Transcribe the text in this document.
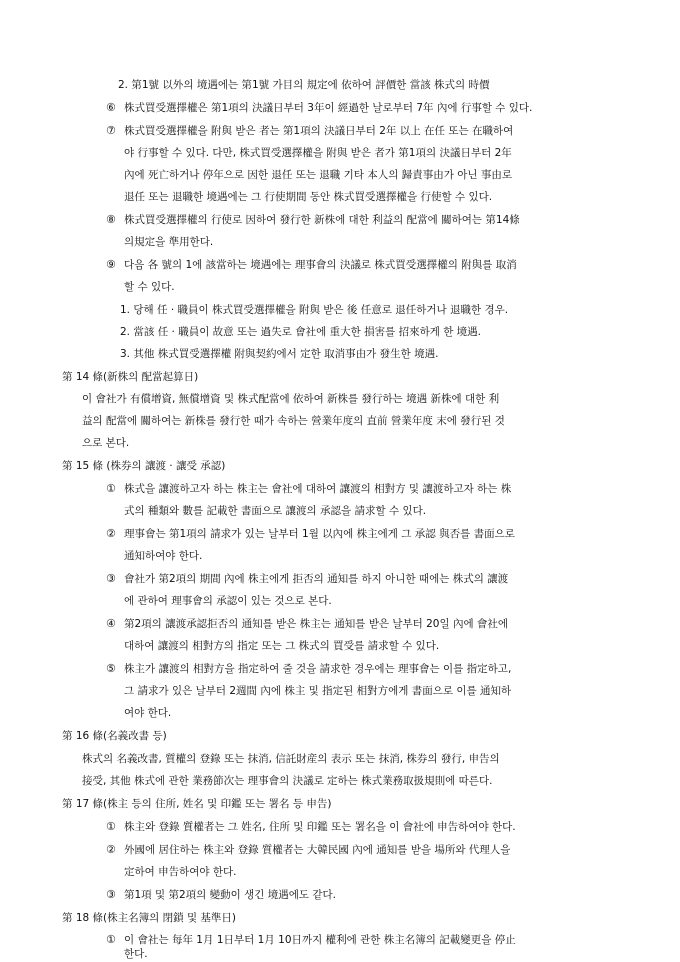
2. 第1號 以外의 境遇에는 第1號 가目의 規定에 依하여 評價한 當該 株式의 時價
⑥ 株式買受選擇權은 第1項의 決議日부터 3年이 經過한 날로부터 7年 內에 行事할 수 있다.
⑦ 株式買受選擇權을 附與 받은 者는 第1項의 決議日부터 2年 以上 在任 또는 在職하여
야 行事할 수 있다. 다만, 株式買受選擇權을 附與 받은 者가 第1項의 決議日부터 2年
內에 死亡하거나 停年으로 因한 退任 또는 退職 기타 本人의 歸責事由가 아닌 事由로
退任 또는 退職한 境遇에는 그 行使期間 동안 株式買受選擇權을 行使할 수 있다.
⑧ 株式買受選擇權의 行使로 因하여 發行한 新株에 대한 利益의 配當에 關하여는 第14條
의規定을 準用한다.
⑨ 다음 各 號의 1에 該當하는 境遇에는 理事會의 決議로 株式買受選擇權의 附與를 取消
할 수 있다.
1. 당해 任 · 職員이 株式買受選擇權을 附與 받은 後 任意로 退任하거나 退職한 경우.
2. 當該 任 · 職員이 故意 또는 過失로 會社에 重大한 損害를 招來하게 한 境遇.
3. 其他 株式買受選擇權 附與契約에서 定한 取消事由가 發生한 境遇.
第 14 條(新株의 配當起算日)
이 會社가 有償增資, 無償增資 및 株式配當에 依하여 新株를 發行하는 境遇 新株에 대한 利
益의 配當에 關하여는 新株를 發行한 때가 속하는 營業年度의 直前 營業年度 末에 發行된 것
으로 본다.
第 15 條 (株券의 讓渡 · 讓受 承認)
① 株式을 讓渡하고자 하는 株主는 會社에 대하여 讓渡의 相對方 및 讓渡하고자 하는 株
式의 種類와 數를 記載한 書面으로 讓渡의 承認을 請求할 수 있다.
② 理事會는 第1項의 請求가 있는 날부터 1월 以內에 株主에게 그 承認 與否를 書面으로
通知하여야 한다.
③ 會社가 第2項의 期間 內에 株主에게 拒否의 通知를 하지 아니한 때에는 株式의 讓渡
에 관하여 理事會의 承認이 있는 것으로 본다.
④ 第2項의 讓渡承認拒否의 通知를 받은 株主는 通知를 받은 날부터 20일 內에 會社에
대하여 讓渡의 相對方의 指定 또는 그 株式의 買受를 請求할 수 있다.
⑤ 株主가 讓渡의 相對方을 指定하여 줄 것을 請求한 경우에는 理事會는 이를 指定하고,
그 請求가 있은 날부터 2週間 內에 株主 및 指定된 相對方에게 書面으로 이를 通知하
여야 한다.
第 16 條(名義改書 등)
株式의 名義改書, 質權의 登錄 또는 抹消, 信託財産의 表示 또는 抹消, 株券의 發行, 申告의
接受, 其他 株式에 관한 業務節次는 理事會의 決議로 定하는 株式業務取扱規則에 따른다.
第 17 條(株主 등의 住所, 姓名 및 印鑑 또는 署名 등 申告)
① 株主와 登錄 質權者는 그 姓名, 住所 및 印鑑 또는 署名을 이 會社에 申告하여야 한다.
② 外國에 居住하는 株主와 登錄 質權者는 大韓民國 內에 通知를 받을 場所와 代理人을
定하여 申告하여야 한다.
③ 第1項 및 第2項의 變動이 생긴 境遇에도 같다.
第 18 條(株主名簿의 閉鎖 및 基準日)
① 이 會社는 每年 1月 1日부터 1月 10日까지 權利에 관한 株主名簿의 記載變更을 停止
한다.
